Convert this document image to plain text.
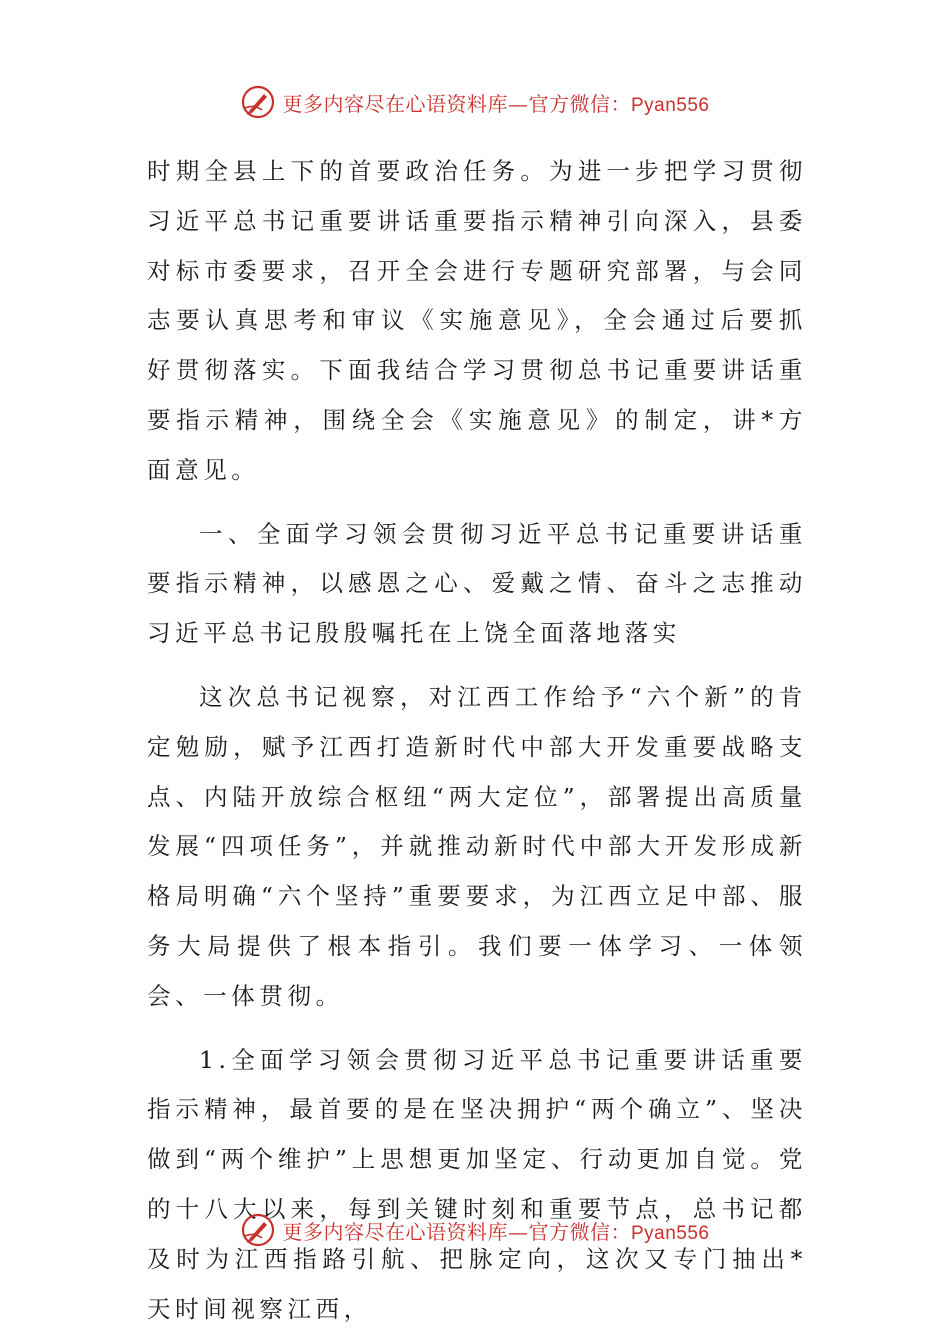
更多内容尽在心语资料库—官方微信：Pyan556

时期全县上下的首要政治任务。为进一步把学习贯彻习近平总书记重要讲话重要指示精神引向深入，县委对标市委要求，召开全会进行专题研究部署，与会同志要认真思考和审议《实施意见》，全会通过后要抓好贯彻落实。下面我结合学习贯彻总书记重要讲话重要指示精神，围绕全会《实施意见》的制定，讲*方面意见。

一、全面学习领会贯彻习近平总书记重要讲话重要指示精神，以感恩之心、爱戴之情、奋斗之志推动习近平总书记殷殷嘱托在上饶全面落地落实

这次总书记视察，对江西工作给予“六个新”的肯定勉励，赋予江西打造新时代中部大开发重要战略支点、内陆开放综合枢纽“两大定位”，部署提出高质量发展“四项任务”，并就推动新时代中部大开发形成新格局明确“六个坚持”重要要求，为江西立足中部、服务大局提供了根本指引。我们要一体学习、一体领会、一体贯彻。

1.全面学习领会贯彻习近平总书记重要讲话重要指示精神，最首要的是在坚决拥护“两个确立”、坚决做到“两个维护”上思想更加坚定、行动更加自觉。党的十八大以来，每到关键时刻和重要节点，总书记都及时为江西指路引航、把脉定向，这次又专门抽出*天时间视察江西，

更多内容尽在心语资料库—官方微信：Pyan556
